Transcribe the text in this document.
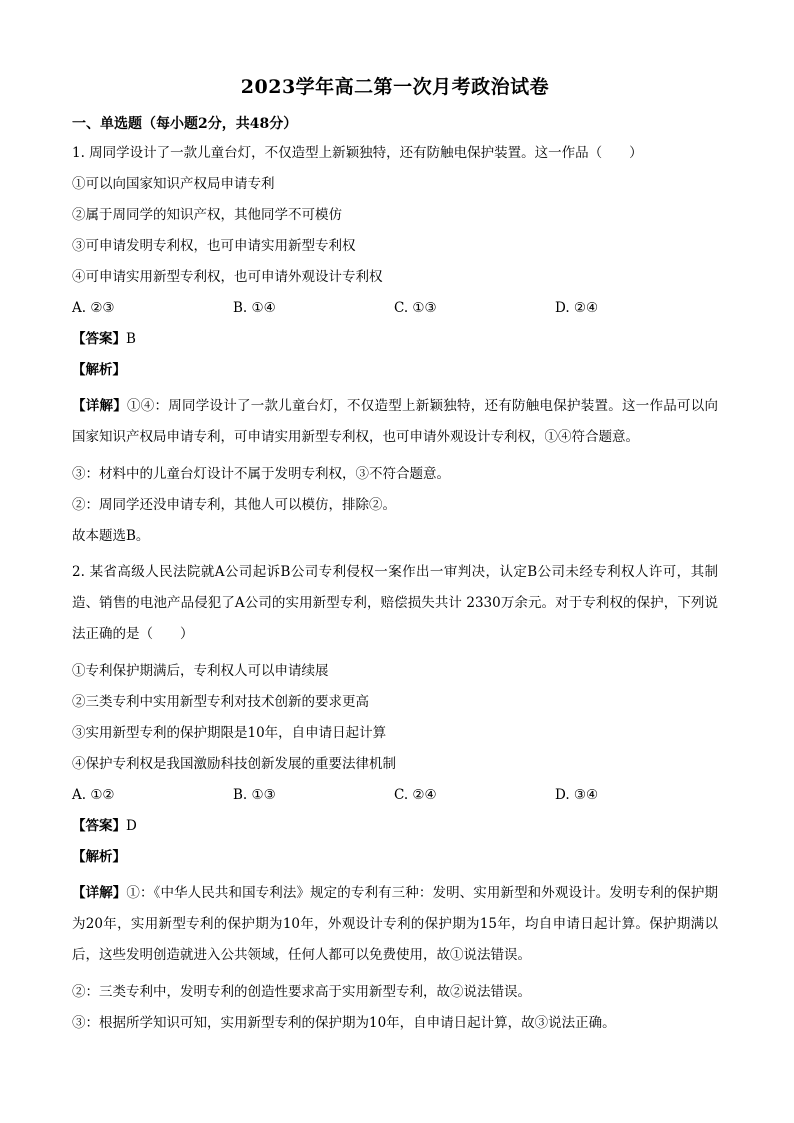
2023学年高二第一次月考政治试卷
一、单选题（每小题2分，共48分）
1. 周同学设计了一款儿童台灯，不仅造型上新颖独特，还有防触电保护装置。这一作品（　　）
①可以向国家知识产权局申请专利
②属于周同学的知识产权，其他同学不可模仿
③可申请发明专利权，也可申请实用新型专利权
④可申请实用新型专利权，也可申请外观设计专利权
A. ②③	B. ①④	C. ①③	D. ②④
【答案】B
【解析】
【详解】①④：周同学设计了一款儿童台灯，不仅造型上新颖独特，还有防触电保护装置。这一作品可以向国家知识产权局申请专利，可申请实用新型专利权，也可申请外观设计专利权，①④符合题意。
③：材料中的儿童台灯设计不属于发明专利权，③不符合题意。
②：周同学还没申请专利，其他人可以模仿，排除②。
故本题选B。
2. 某省高级人民法院就A公司起诉B公司专利侵权一案作出一审判决，认定B公司未经专利权人许可，其制造、销售的电池产品侵犯了A公司的实用新型专利，赔偿损失共计 2330万余元。对于专利权的保护，下列说法正确的是（　　）
①专利保护期满后，专利权人可以申请续展
②三类专利中实用新型专利对技术创新的要求更高
③实用新型专利的保护期限是10年，自申请日起计算
④保护专利权是我国激励科技创新发展的重要法律机制
A. ①②	B. ①③	C. ②④	D. ③④
【答案】D
【解析】
【详解】①：《中华人民共和国专利法》规定的专利有三种：发明、实用新型和外观设计。发明专利的保护期为20年，实用新型专利的保护期为10年，外观设计专利的保护期为15年，均自申请日起计算。保护期满以后，这些发明创造就进入公共领域，任何人都可以免费使用，故①说法错误。
②：三类专利中，发明专利的创造性要求高于实用新型专利，故②说法错误。
③：根据所学知识可知，实用新型专利的保护期为10年，自申请日起计算，故③说法正确。
